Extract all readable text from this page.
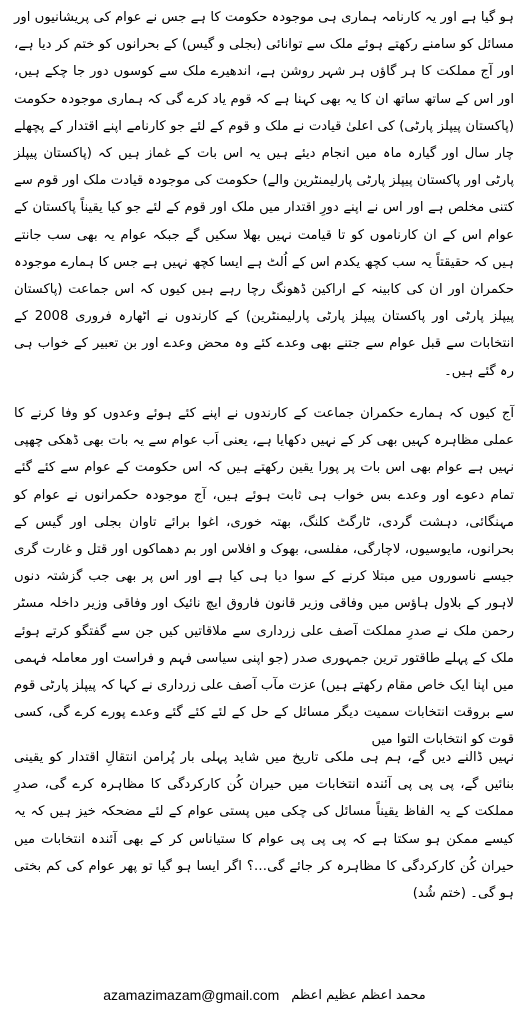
ہو گیا ہے اور یہ کارنامہ ہماری ہی موجودہ حکومت کا ہے جس نے عوام کی پریشانیوں اور مسائل کو سامنے رکھتے ہوئے ملک سے توانائی (بجلی و گیس) کے بحرانوں کو ختم کر دیا ہے، اور آج مملکت کا ہر گاؤں ہر شہر روشن ہے، اندھیرے ملک سے کوسوں دور جا چکے ہیں، اور اس کے ساتھ ساتھ ان کا یہ بھی کہنا ہے کہ قوم یاد کرے گی کہ ہماری موجودہ حکومت (پاکستان پیپلز پارٹی) کی اعلیٰ قیادت نے ملک و قوم کے لئے جو کارنامے اپنے اقتدار کے پچھلے چار سال اور گیارہ ماہ میں انجام دیئے ہیں یہ اس بات کے غماز ہیں کہ (پاکستان پیپلز پارٹی اور پاکستان پیپلز پارٹی پارلیمنٹرین والے) حکومت کی موجودہ قیادت ملک اور قوم سے کتنی مخلص ہے اور اس نے اپنے دورِ اقتدار میں ملک اور قوم کے لئے جو کیا یقیناً پاکستان کے عوام اس کے ان کارناموں کو تا قیامت نہیں بھلا سکیں گے جبکہ عوام یہ بھی سب جانتے ہیں کہ حقیقتاً یہ سب کچھ یکدم اس کے اُلٹ ہے ایسا کچھ نہیں ہے جس کا ہمارے موجودہ حکمران اور ان کی کابینہ کے اراکین ڈھونگ رچا رہے ہیں کیوں کہ اس جماعت (پاکستان پیپلز پارٹی اور پاکستان پیپلز پارٹی پارلیمنٹرین) کے کارندوں نے اٹھارہ فروری 2008 کے انتخابات سے قبل عوام سے جتنے بھی وعدے کئے وہ محض وعدے اور بن تعبیر کے خواب ہی رہ گئے ہیں۔

آج کیوں کہ ہمارے حکمران جماعت کے کارندوں نے اپنے کئے ہوئے وعدوں کو وفا کرنے کا عملی مظاہرہ کہیں بھی کر کے نہیں دکھایا ہے، یعنی اَب عوام سے یہ بات بھی ڈھکی چھپی نہیں ہے عوام بھی اس بات پر پورا یقین رکھتے ہیں کہ اس حکومت کے عوام سے کئے گئے تمام دعوے اور وعدے بس خواب ہی ثابت ہوئے ہیں، آج موجودہ حکمرانوں نے عوام کو مہنگائی، دہشت گردی، ٹارگٹ کلنگ، بھتہ خوری، اغوا برائے تاوان بجلی اور گیس کے بحرانوں، مایوسیوں، لاچارگی، مفلسی، بھوک و افلاس اور بم دھماکوں اور قتل و غارت گری جیسے ناسوروں میں مبتلا کرنے کے سوا دیا ہی کیا ہے اور اس پر بھی جب گزشتہ دنوں لاہور کے بلاول ہاؤس میں وفاقی وزیر قانون فاروق ایچ نائیک اور وفاقی وزیر داخلہ مسٹر رحمن ملک نے صدرِ مملکت آصف علی زرداری سے ملاقاتیں کیں جن سے گفتگو کرتے ہوئے ملک کے پہلے طاقتور ترین جمہوری صدر (جو اپنی سیاسی فہم و فراست اور معاملہ فہمی میں اپنا ایک خاص مقام رکھتے ہیں) عزت مآب آصف علی زرداری نے کہا کہ پیپلز پارٹی قوم سے بروقت انتخابات سمیت دیگر مسائل کے حل کے لئے کئے گئے وعدے پورے کرے گی، کسی قوت کو انتخابات التوا میں

نہیں ڈالنے دیں گے، ہم ہی ملکی تاریخ میں شاید پہلی بار پُرامن انتقالِ اقتدار کو یقینی بنائیں گے، پی پی پی آئندہ انتخابات میں حیران کُن کارکردگی کا مظاہرہ کرے گی، صدرِ مملکت کے یہ الفاظ یقیناً مسائل کی چکی میں پستی عوام کے لئے مضحکہ خیز ہیں کہ یہ کیسے ممکن ہو سکتا ہے کہ پی پی پی عوام کا ستیاناس کر کے بھی آئندہ انتخابات میں حیران کُن کارکردگی کا مظاہرہ کر جائے گی…؟ اگر ایسا ہو گیا تو پھر عوام کی کم بختی ہو گی۔ (ختم شُد)

azamazimazam@gmail.com محمد اعظم عظیم اعظم
